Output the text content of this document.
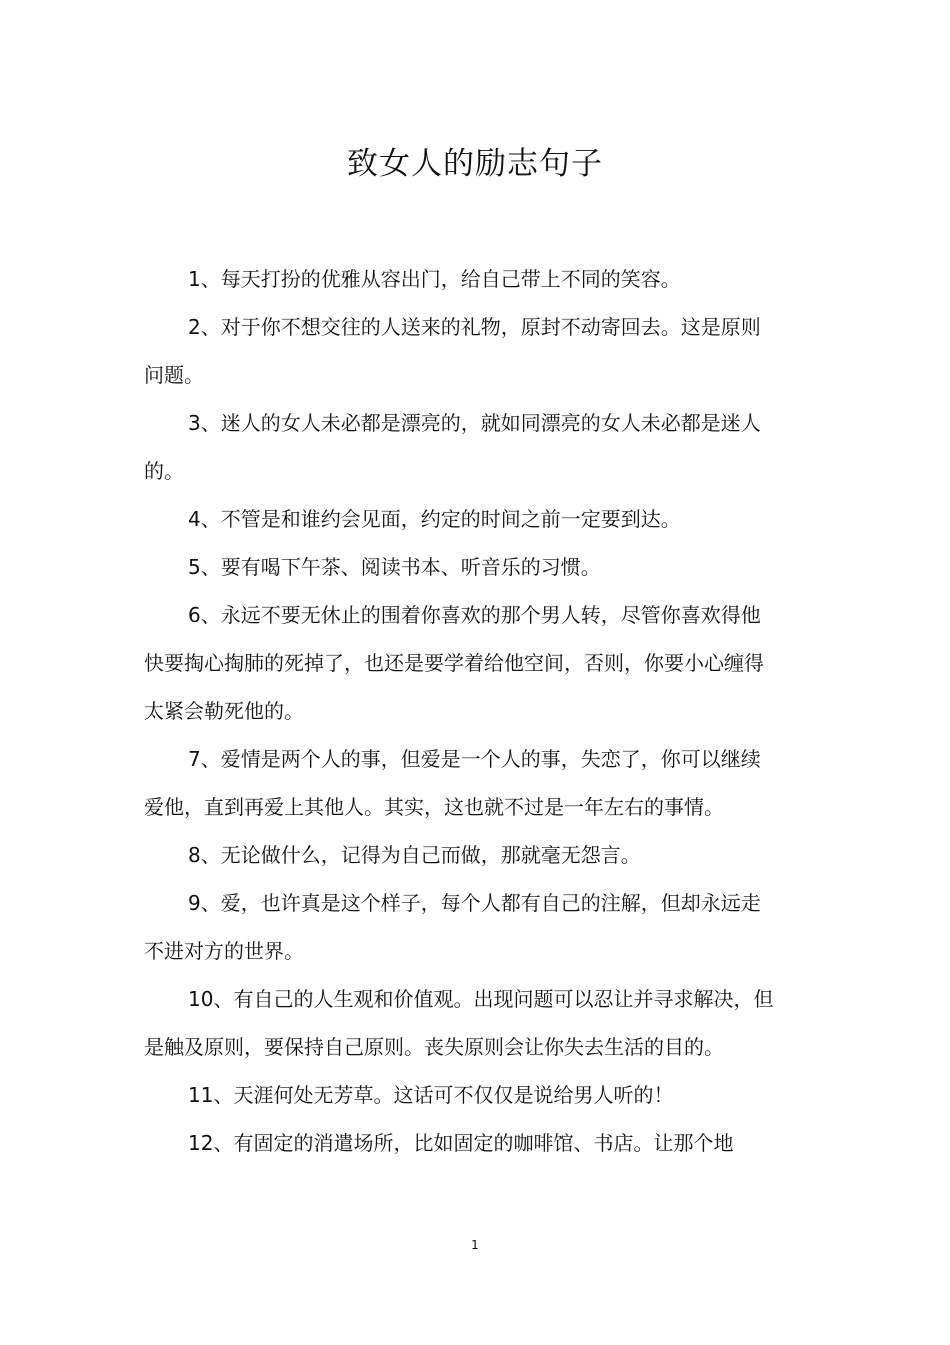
致女人的励志句子

1、每天打扮的优雅从容出门，给自己带上不同的笑容。

2、对于你不想交往的人送来的礼物，原封不动寄回去。这是原则问题。

3、迷人的女人未必都是漂亮的，就如同漂亮的女人未必都是迷人的。

4、不管是和谁约会见面，约定的时间之前一定要到达。

5、要有喝下午茶、阅读书本、听音乐的习惯。

6、永远不要无休止的围着你喜欢的那个男人转，尽管你喜欢得他快要掏心掏肺的死掉了，也还是要学着给他空间，否则，你要小心缠得太紧会勒死他的。

7、爱情是两个人的事，但爱是一个人的事，失恋了，你可以继续爱他，直到再爱上其他人。其实，这也就不过是一年左右的事情。

8、无论做什么，记得为自己而做，那就毫无怨言。

9、爱，也许真是这个样子，每个人都有自己的注解，但却永远走不进对方的世界。

10、有自己的人生观和价值观。出现问题可以忍让并寻求解决，但是触及原则，要保持自己原则。丧失原则会让你失去生活的目的。

11、天涯何处无芳草。这话可不仅仅是说给男人听的！

12、有固定的消遣场所，比如固定的咖啡馆、书店。让那个地

1
